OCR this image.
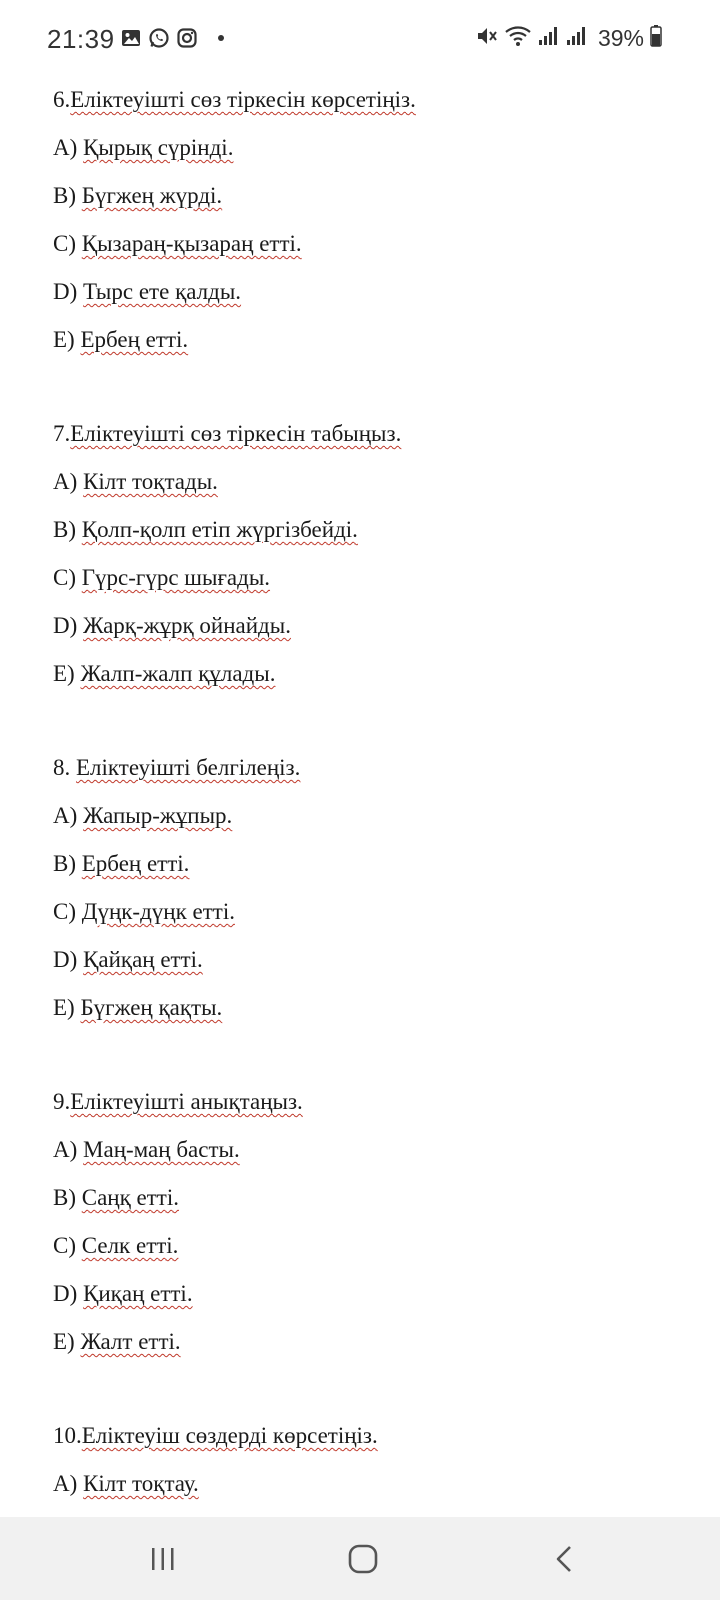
21:39	39%
6.Еліктеуішті сөз тіркесін көрсетіңіз.
A) Қырық сүрінді.
B) Бүгжең жүрді.
C) Қызараң-қызараң етті.
D) Тырс ете қалды.
E) Ербең етті.
7.Еліктеуішті сөз тіркесін табыңыз.
A) Кілт тоқтады.
B) Қолп-қолп етіп жүргізбейді.
C) Гүрс-гүрс шығады.
D) Жарқ-жұрқ ойнайды.
E) Жалп-жалп құлады.
8. Еліктеуішті белгілеңіз.
A) Жапыр-жұпыр.
B) Ербең етті.
C) Дүңк-дүңк етті.
D) Қайқаң етті.
E) Бүгжең қақты.
9.Еліктеуішті анықтаңыз.
A) Маң-маң басты.
B) Саңқ етті.
C) Селк етті.
D) Қиқаң етті.
E) Жалт етті.
10.Еліктеуіш сөздерді көрсетіңіз.
A) Кілт тоқтау.
